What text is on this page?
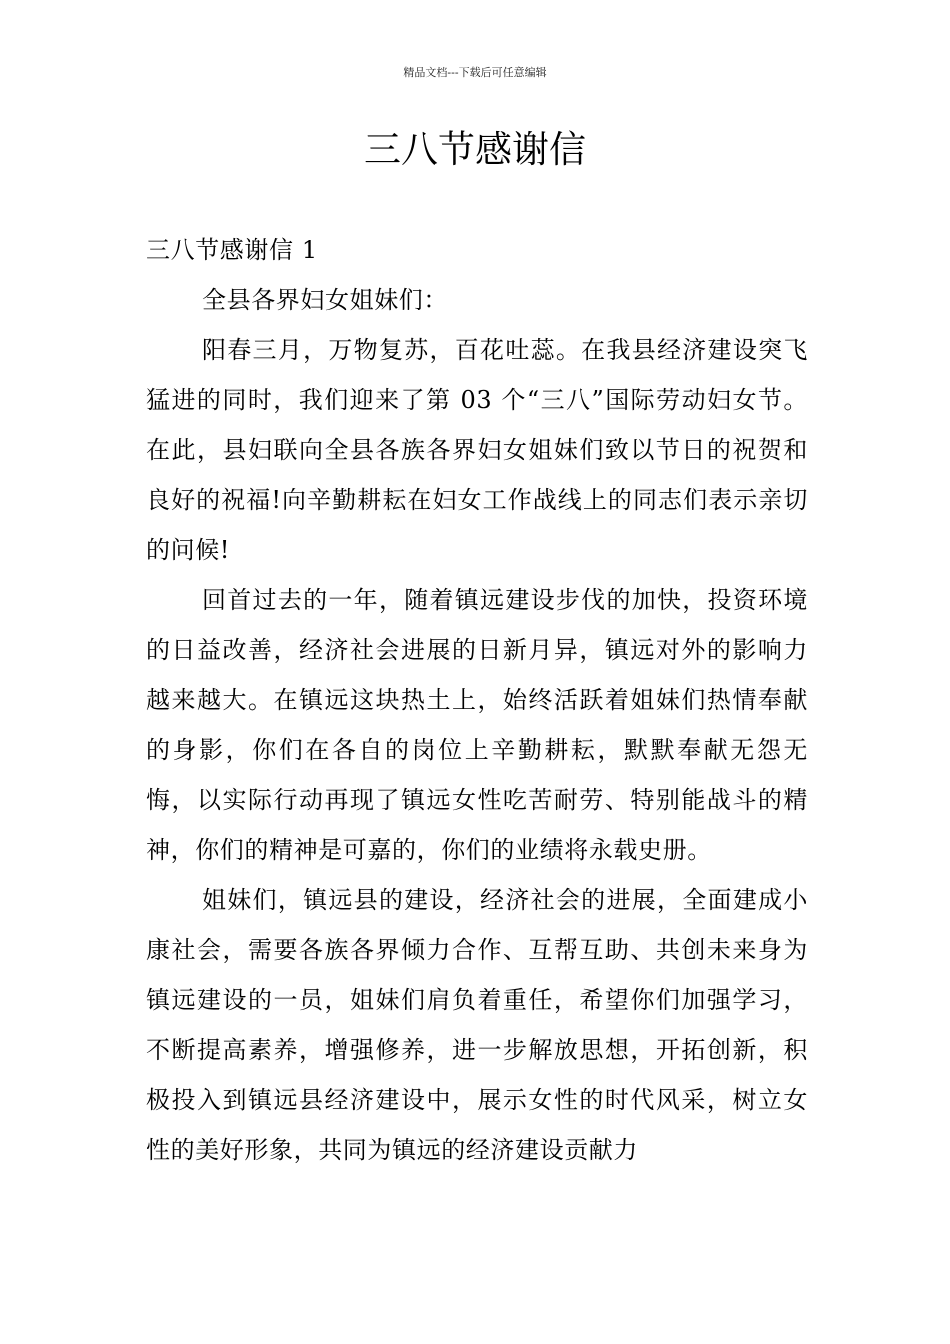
精品文档---下载后可任意编辑
三八节感谢信

三八节感谢信 1

全县各界妇女姐妹们：

阳春三月，万物复苏，百花吐蕊。在我县经济建设突飞猛进的同时，我们迎来了第 03 个“三八”国际劳动妇女节。在此，县妇联向全县各族各界妇女姐妹们致以节日的祝贺和良好的祝福!向辛勤耕耘在妇女工作战线上的同志们表示亲切的问候!

回首过去的一年，随着镇远建设步伐的加快，投资环境的日益改善，经济社会进展的日新月异，镇远对外的影响力越来越大。在镇远这块热土上，始终活跃着姐妹们热情奉献的身影，你们在各自的岗位上辛勤耕耘，默默奉献无怨无悔，以实际行动再现了镇远女性吃苦耐劳、特别能战斗的精神，你们的精神是可嘉的，你们的业绩将永载史册。

姐妹们，镇远县的建设，经济社会的进展，全面建成小康社会，需要各族各界倾力合作、互帮互助、共创未来身为镇远建设的一员，姐妹们肩负着重任，希望你们加强学习，不断提高素养，增强修养，进一步解放思想，开拓创新，积极投入到镇远县经济建设中，展示女性的时代风采，树立女性的美好形象，共同为镇远的经济建设贡献力
